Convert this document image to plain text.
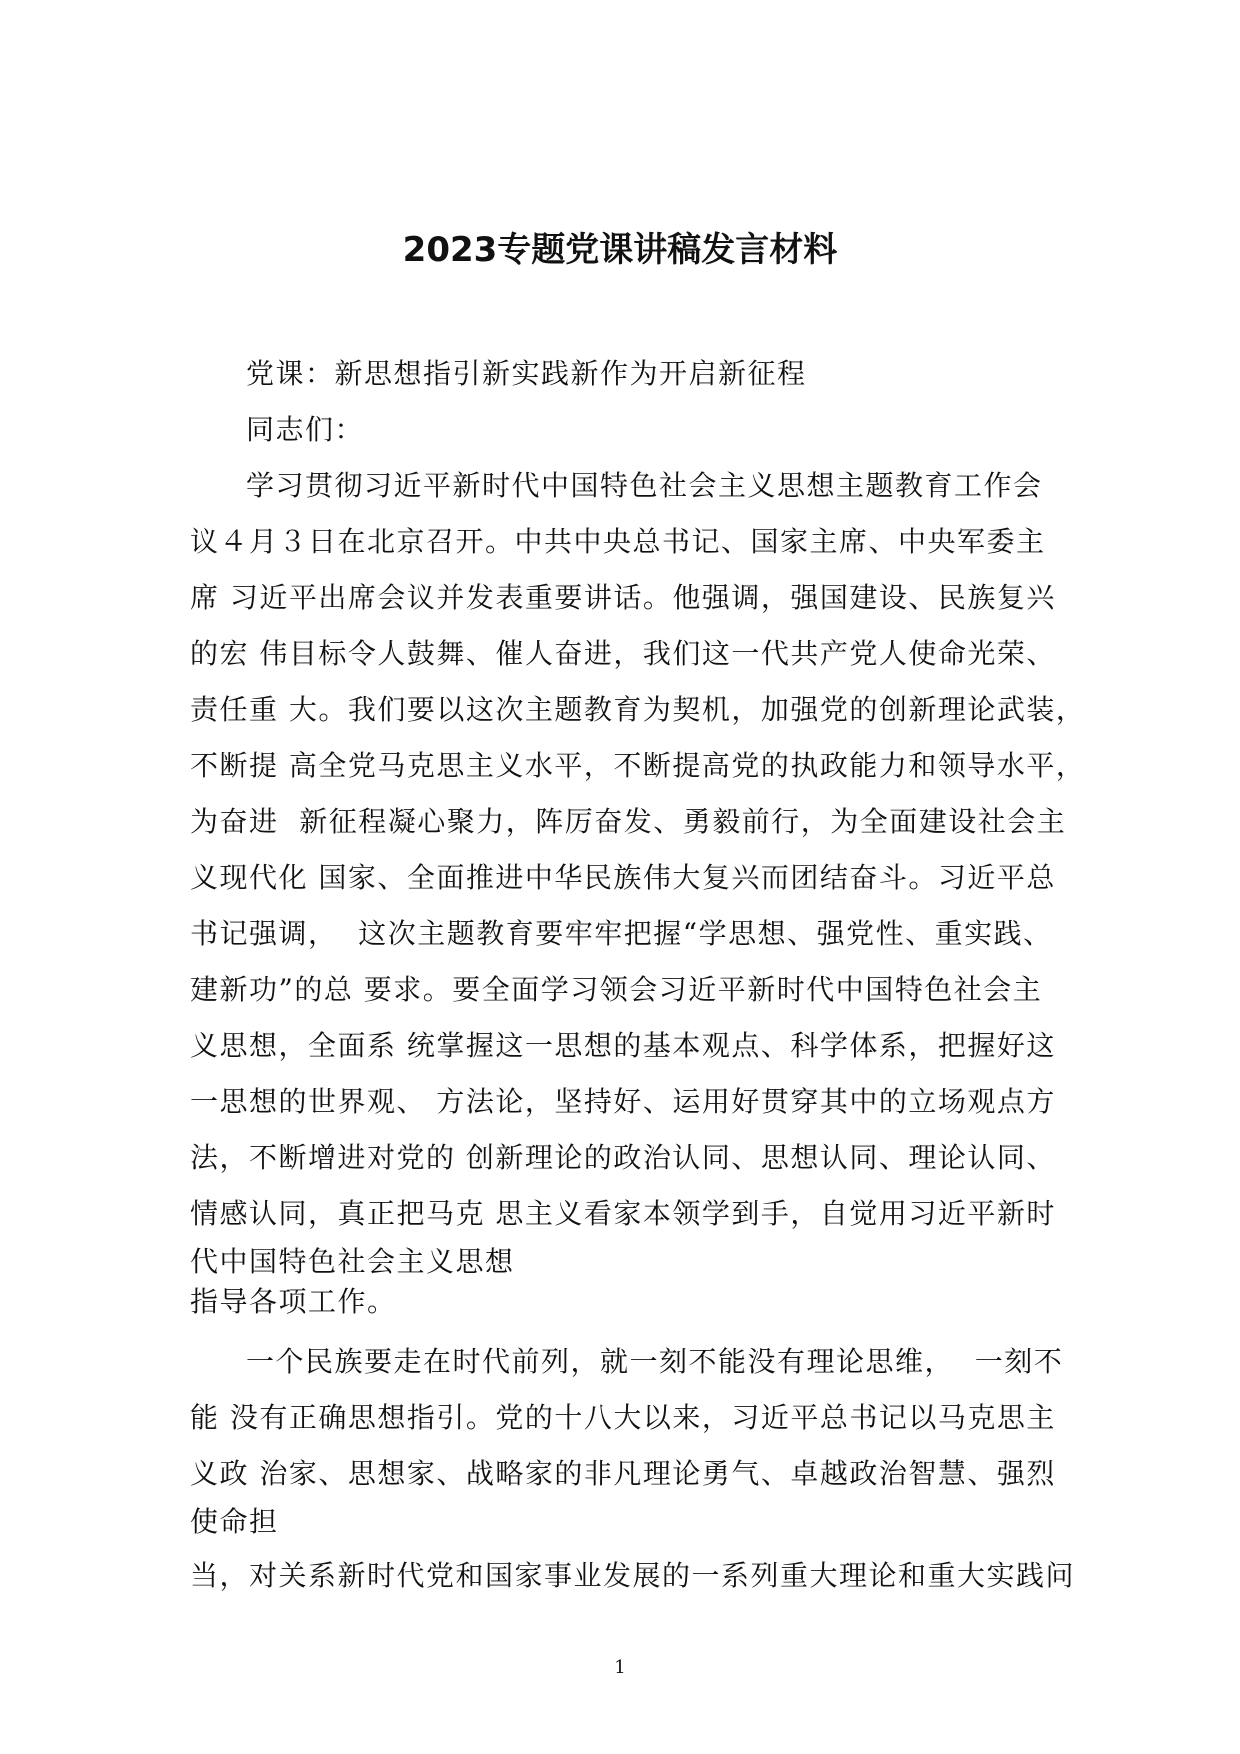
2023专题党课讲稿发言材料
党课：新思想指引新实践新作为开启新征程
同志们：
学习贯彻习近平新时代中国特色社会主义思想主题教育工作会
议４月３日在北京召开。中共中央总书记、国家主席、中央军委主
席 习近平出席会议并发表重要讲话。他强调，强国建设、民族复兴
的宏 伟目标令人鼓舞、催人奋进，我们这一代共产党人使命光荣、
责任重 大。我们要以这次主题教育为契机，加强党的创新理论武装，
不断提 高全党马克思主义水平，不断提高党的执政能力和领导水平，
为奋进  新征程凝心聚力，阵厉奋发、勇毅前行，为全面建设社会主
义现代化 国家、全面推进中华民族伟大复兴而团结奋斗。习近平总
书记强调，  这次主题教育要牢牢把握“学思想、强党性、重实践、
建新功”的总 要求。要全面学习领会习近平新时代中国特色社会主
义思想，全面系 统掌握这一思想的基本观点、科学体系，把握好这
一思想的世界观、 方法论，坚持好、运用好贯穿其中的立场观点方
法，不断增进对党的 创新理论的政治认同、思想认同、理论认同、
情感认同，真正把马克 思主义看家本领学到手，自觉用习近平新时
代中国特色社会主义思想
指导各项工作。
一个民族要走在时代前列，就一刻不能没有理论思维，  一刻不
能 没有正确思想指引。党的十八大以来，习近平总书记以马克思主
义政 治家、思想家、战略家的非凡理论勇气、卓越政治智慧、强烈
使命担
当，对关系新时代党和国家事业发展的一系列重大理论和重大实践问
1
